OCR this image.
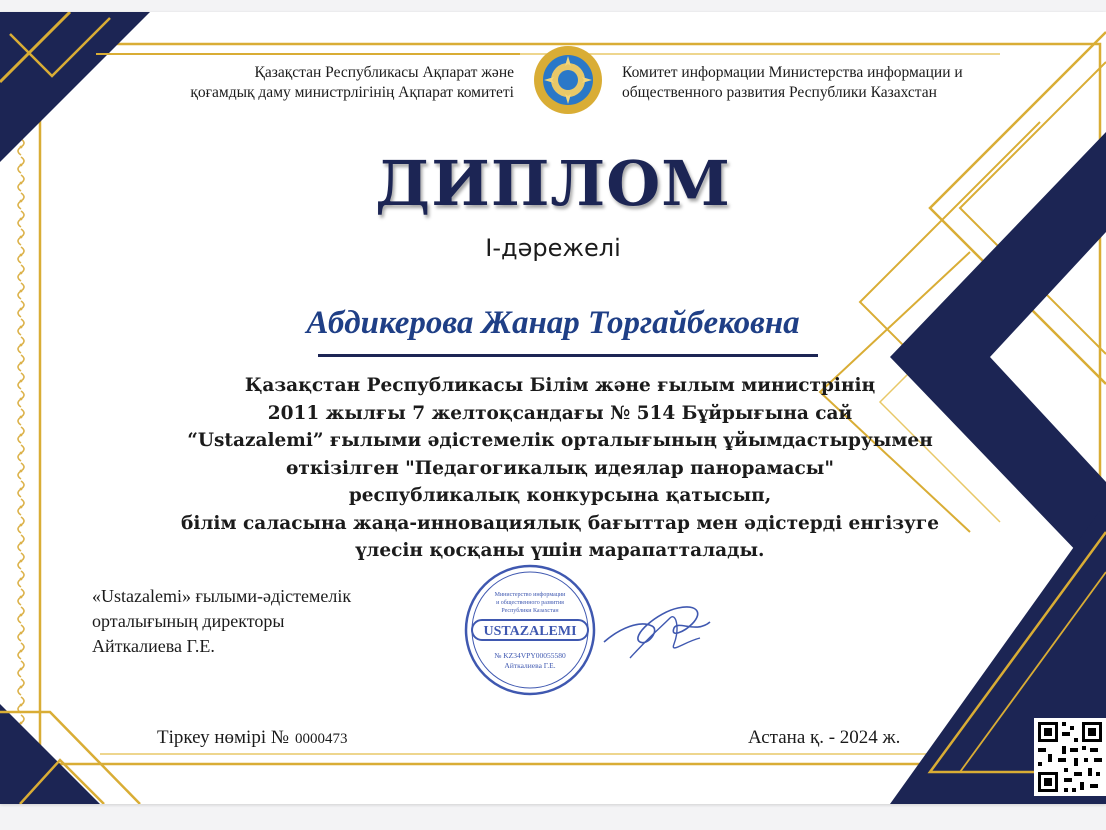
Қазақстан Республикасы Ақпарат және
қоғамдық даму министрлігінің Ақпарат комитеті
Комитет информации Министерства информации и
общественного развития Республики Казахстан
ДИПЛОМ
І-дәрежелі
Абдикерова Жанар Торгайбековна
Қазақстан Республикасы Білім және ғылым министрінің
2011 жылғы 7 желтоқсандағы № 514 Бұйрығына сай
“Ustazalemi” ғылыми әдістемелік орталығының ұйымдастыруымен
өткізілген "Педагогикалық идеялар панорамасы"
республикалық конкурсына қатысып,
білім саласына жаңа-инновациялық бағыттар мен әдістерді енгізуге
үлесін қосқаны үшін марапатталады.
«Ustazalemi» ғылыми-әдістемелік
орталығының директоры
Айткалиева Г.Е.
Министерство информации
и общественного развития
Республики Казахстан
USTAZALEMI
№ KZ34VPY00055580
Айткалиева Г.Е.
Тіркеу нөмірі № 0000473	Астана қ. - 2024 ж.
